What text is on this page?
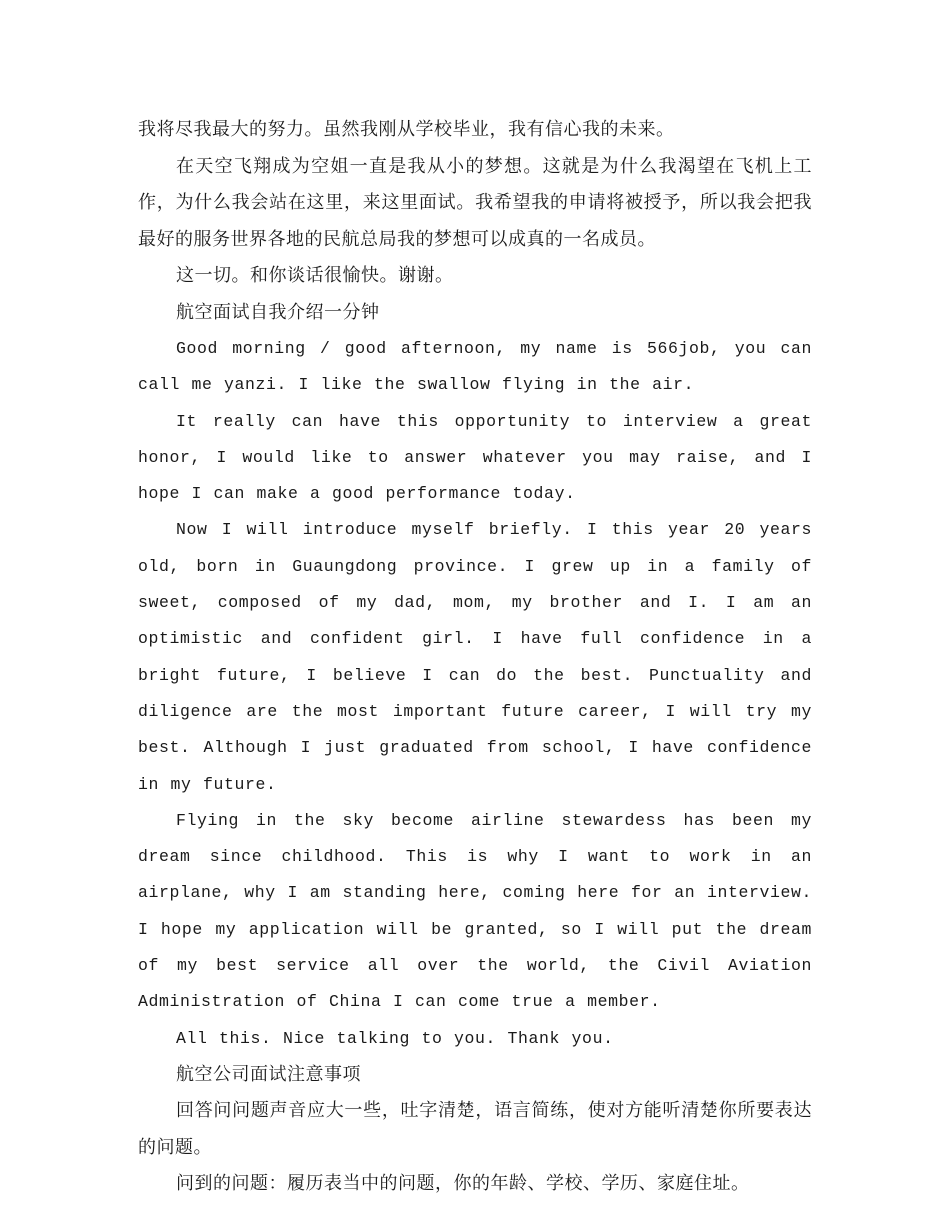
我将尽我最大的努力。虽然我刚从学校毕业，我有信心我的未来。

在天空飞翔成为空姐一直是我从小的梦想。这就是为什么我渴望在飞机上工作，为什么我会站在这里，来这里面试。我希望我的申请将被授予，所以我会把我最好的服务世界各地的民航总局我的梦想可以成真的一名成员。

这一切。和你谈话很愉快。谢谢。

航空面试自我介绍一分钟

Good morning / good afternoon, my name is 566job, you can call me yanzi. I like the swallow flying in the air.

It really can have this opportunity to interview a great honor, I would like to answer whatever you may raise, and I hope I can make a good performance today.

Now I will introduce myself briefly. I this year 20 years old, born in Guaungdong province. I grew up in a family of sweet, composed of my dad, mom, my brother and I. I am an optimistic and confident girl. I have full confidence in a bright future, I believe I can do the best. Punctuality and diligence are the most important future career, I will try my best. Although I just graduated from school, I have confidence in my future.

Flying in the sky become airline stewardess has been my dream since childhood. This is why I want to work in an airplane, why I am standing here, coming here for an interview. I hope my application will be granted, so I will put the dream of my best service all over the world, the Civil Aviation Administration of China I can come true a member.

All this. Nice talking to you. Thank you.

航空公司面试注意事项

回答问问题声音应大一些，吐字清楚，语言简练，使对方能听清楚你所要表达的问题。

问到的问题：履历表当中的问题，你的年龄、学校、学历、家庭住址。
